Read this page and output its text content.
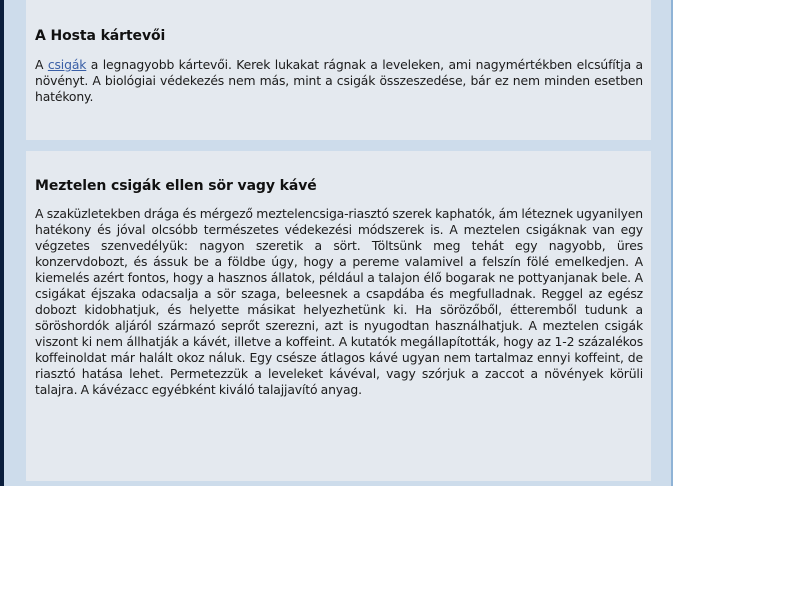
A Hosta kártevői

A csigák a legnagyobb kártevői. Kerek lukakat rágnak a leveleken, ami nagymértékben elcsúfítja a növényt. A biológiai védekezés nem más, mint a csigák összeszedése, bár ez nem minden esetben hatékony.

Meztelen csigák ellen sör vagy kávé

A szaküzletekben drága és mérgező meztelencsiga-riasztó szerek kaphatók, ám léteznek ugyanilyen hatékony és jóval olcsóbb természetes védekezési módszerek is. A meztelen csigáknak van egy végzetes szenvedélyük: nagyon szeretik a sört. Töltsünk meg tehát egy nagyobb, üres konzervdobozt, és ássuk be a földbe úgy, hogy a pereme valamivel a felszín fölé emelkedjen. A kiemelés azért fontos, hogy a hasznos állatok, például a talajon élő bogarak ne pottyanjanak bele. A csigákat éjszaka odacsalja a sör szaga, beleesnek a csapdába és megfulladnak. Reggel az egész dobozt kidobhatjuk, és helyette másikat helyezhetünk ki. Ha sörözőből, étteremből tudunk a söröshordók aljáról származó seprőt szerezni, azt is nyugodtan használhatjuk. A meztelen csigák viszont ki nem állhatják a kávét, illetve a koffeint. A kutatók megállapították, hogy az 1-2 százalékos koffeinoldat már halált okoz náluk. Egy csésze átlagos kávé ugyan nem tartalmaz ennyi koffeint, de riasztó hatása lehet. Permetezzük a leveleket kávéval, vagy szórjuk a zaccot a növények körüli talajra. A kávézacc egyébként kiváló talajjavító anyag.
